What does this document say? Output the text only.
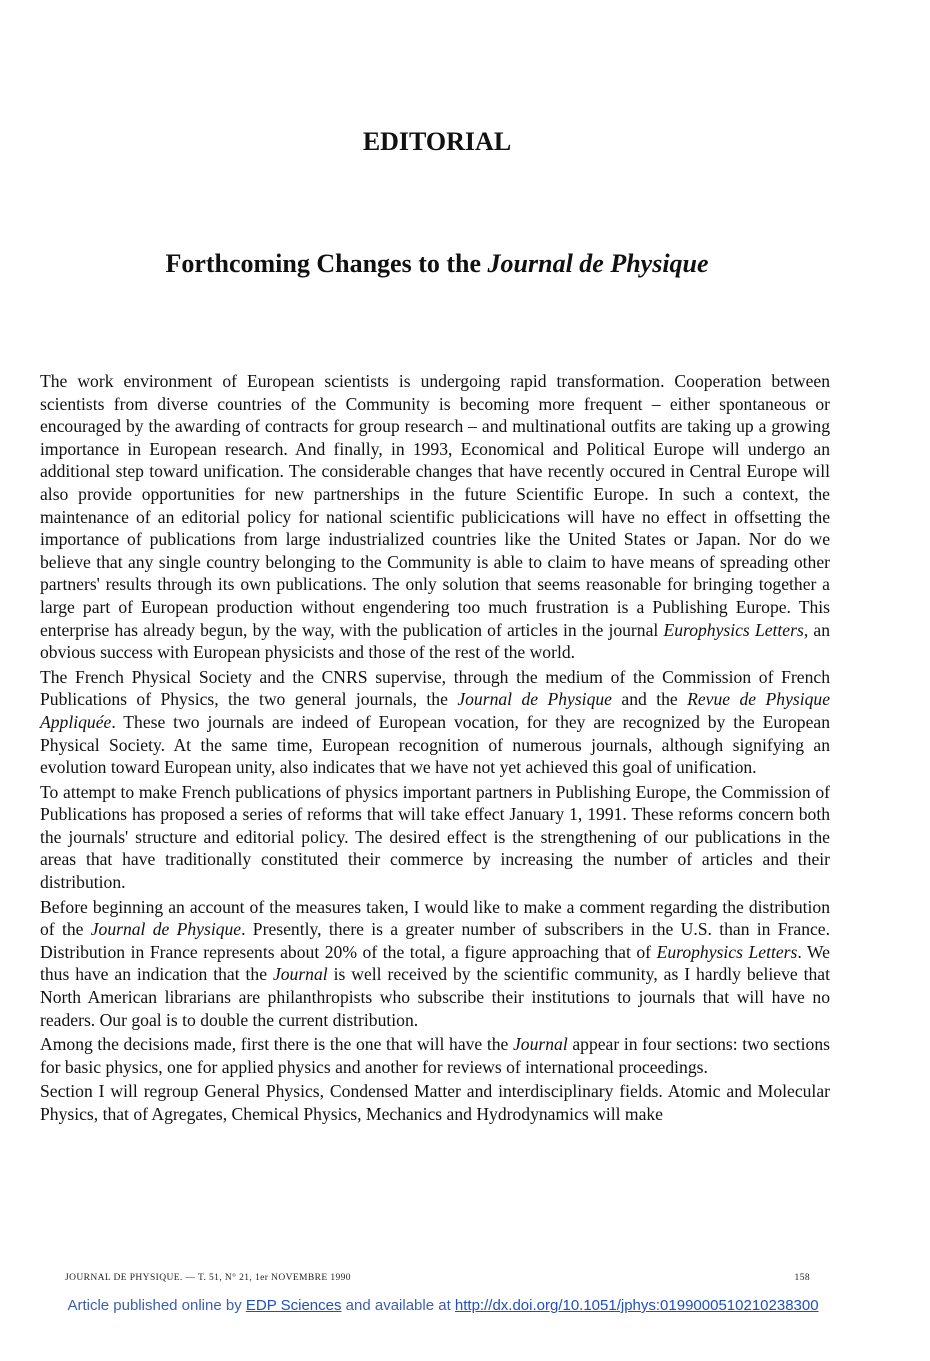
EDITORIAL
Forthcoming Changes to the Journal de Physique

The work environment of European scientists is undergoing rapid transformation. Cooperation between scientists from diverse countries of the Community is becoming more frequent – either spontaneous or encouraged by the awarding of contracts for group research – and multinational outfits are taking up a growing importance in European research. And finally, in 1993, Economical and Political Europe will undergo an additional step toward unification. The considerable changes that have recently occured in Central Europe will also provide opportunities for new partnerships in the future Scientific Europe. In such a context, the maintenance of an editorial policy for national scientific publicications will have no effect in offsetting the importance of publications from large industrialized countries like the United States or Japan. Nor do we believe that any single country belonging to the Community is able to claim to have means of spreading other partners' results through its own publications. The only solution that seems reasonable for bringing together a large part of European production without engendering too much frustration is a Publishing Europe. This enterprise has already begun, by the way, with the publication of articles in the journal Europhysics Letters, an obvious success with European physicists and those of the rest of the world.

The French Physical Society and the CNRS supervise, through the medium of the Commission of French Publications of Physics, the two general journals, the Journal de Physique and the Revue de Physique Appliquée. These two journals are indeed of European vocation, for they are recognized by the European Physical Society. At the same time, European recognition of numerous journals, although signifying an evolution toward European unity, also indicates that we have not yet achieved this goal of unification.

To attempt to make French publications of physics important partners in Publishing Europe, the Commission of Publications has proposed a series of reforms that will take effect January 1, 1991. These reforms concern both the journals' structure and editorial policy. The desired effect is the strengthening of our publications in the areas that have traditionally constituted their commerce by increasing the number of articles and their distribution.

Before beginning an account of the measures taken, I would like to make a comment regarding the distribution of the Journal de Physique. Presently, there is a greater number of subscribers in the U.S. than in France. Distribution in France represents about 20% of the total, a figure approaching that of Europhysics Letters. We thus have an indication that the Journal is well received by the scientific community, as I hardly believe that North American librarians are philanthropists who subscribe their institutions to journals that will have no readers. Our goal is to double the current distribution.

Among the decisions made, first there is the one that will have the Journal appear in four sections: two sections for basic physics, one for applied physics and another for reviews of international proceedings.

Section I will regroup General Physics, Condensed Matter and interdisciplinary fields. Atomic and Molecular Physics, that of Agregates, Chemical Physics, Mechanics and Hydrodynamics will make

JOURNAL DE PHYSIQUE. — T. 51, N° 21, 1er NOVEMBRE 1990	158
Article published online by EDP Sciences and available at http://dx.doi.org/10.1051/jphys:0199000510210238300
